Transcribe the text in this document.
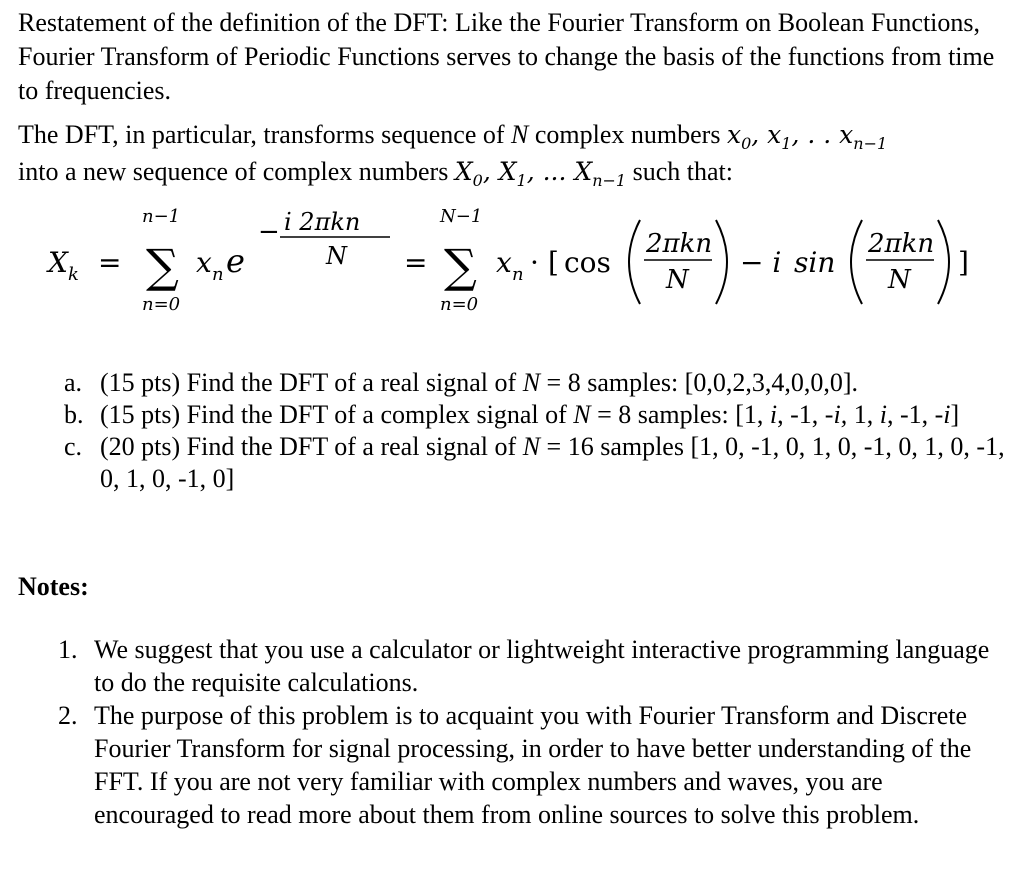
Restatement of the definition of the DFT: Like the Fourier Transform on Boolean Functions, Fourier Transform of Periodic Functions serves to change the basis of the functions from time to frequencies.

The DFT, in particular, transforms sequence of N complex numbers $x_0$, $x_1$, . . $x_{n-1}$
into a new sequence of complex numbers $X_0$, $X_1$, ... $X_{n-1}$ such that:

X k =
n−1
∑
n=0
x n e
− i 2πkn
N =
N−1
∑
n=0
x n · [ cos
2πkn
N
− i sin
2πkn
N
]
a. (15 pts) Find the DFT of a real signal of N = 8 samples: [0,0,2,3,4,0,0,0].
b. (15 pts) Find the DFT of a complex signal of N = 8 samples: [1, i, -1, -i, 1, i, -1, -i]
c. (20 pts) Find the DFT of a real signal of N = 16 samples [1, 0, -1, 0, 1, 0, -1, 0, 1, 0, -1, 0, 1, 0, -1, 0]

Notes:

1. We suggest that you use a calculator or lightweight interactive programming language to do the requisite calculations.
2. The purpose of this problem is to acquaint you with Fourier Transform and Discrete Fourier Transform for signal processing, in order to have better understanding of the FFT. If you are not very familiar with complex numbers and waves, you are encouraged to read more about them from online sources to solve this problem.
